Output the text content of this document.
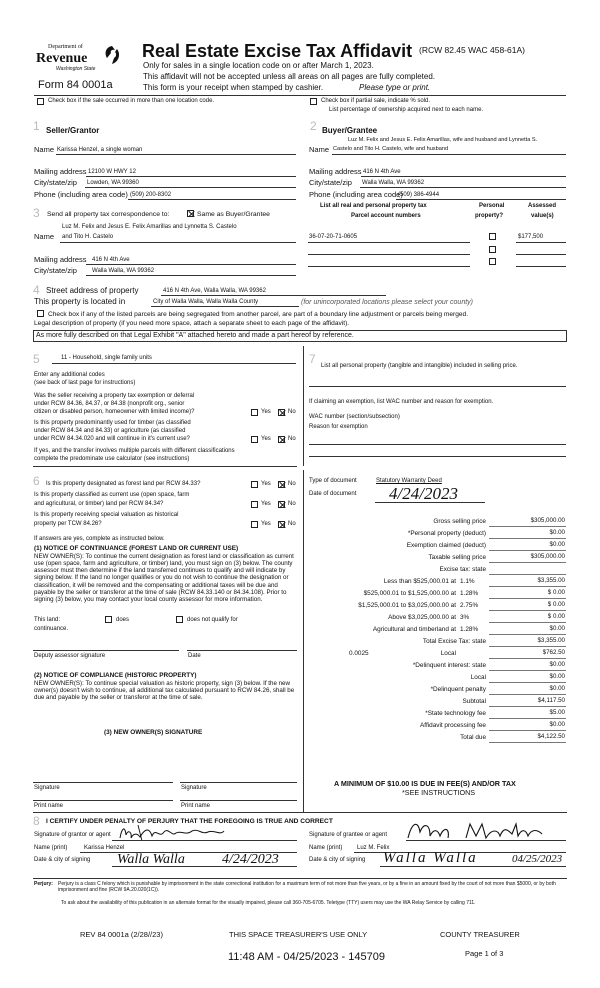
Department of
Revenue
Washington State
Form 84 0001a
Real Estate Excise Tax Affidavit (RCW 82.45 WAC 458-61A)
Only for sales in a single location code on or after March 1, 2023.
This affidavit will not be accepted unless all areas on all pages are fully completed.
This form is your receipt when stamped by cashier.	Please type or print.
Check box if the sale occurred in more than one location code.	Check box if partial sale, indicate % sold.
List percentage of ownership acquired next to each name.
1 Seller/Grantor
Name Karissa Henzel, a single woman
Mailing address 12100 W HWY 12
City/state/zip Lowden, WA 99360
Phone (including area code) (509) 200-8302
2 Buyer/Grantee
Luz M. Felix and Jesus E. Felix Amarillas, wife and husband and Lynnetta S.
Name Castelo and Tito H. Castelo, wife and husband
Mailing address 416 N 4th Ave
City/state/zip Walla Walla, WA 99362
Phone (including area code)
(509) 386-4944
List all real and personal property tax
Parcel account numbers
Personal
property?
Assessed
value(s)
36-07-20-71-0605	$177,500
3 Send all property tax correspondence to:	Same as Buyer/Grantee
Luz M. Felix and Jesus E. Felix Amarillas and Lynnetta S. Castelo
Name and Tito H. Castelo
Mailing address 416 N 4th Ave
City/state/zip	Walla Walla, WA 99362
4 Street address of property	416 N 4th Ave, Walla Walla, WA 99362
This property is located in	City of Walla Walla, Walla Walla County	(for unincorporated locations please select your county)
Check box if any of the listed parcels are being segregated from another parcel, are part of a boundary line adjustment or parcels being merged.
Legal description of property (if you need more space, attach a separate sheet to each page of the affidavit).
As more fully described on that Legal Exhibit "A" attached hereto and made a part hereof by reference.
5	11 - Household, single family units
Enter any additional codes
(see back of last page for instructions)
Was the seller receiving a property tax exemption or deferral
under RCW 84.36, 84.37, or 84.38 (nonprofit org., senior
citizen or disabled person, homeowner with limited income)?	Yes	No
Is this property predominantly used for timber (as classified
under RCW 84.34 and 84.33) or agriculture (as classified
under RCW 84.34.020 and will continue in it's current use?	Yes	No
If yes, and the transfer involves multiple parcels with different classifications
complete the predominate use calculator (see instructions)
7 List all personal property (tangible and intangible) included in selling price.
If claiming an exemption, list WAC number and reason for exemption.
WAC number (section/subsection)
Reason for exemption
6 Is this property designated as forest land per RCW 84.33?	Yes	No
Is this property classified as current use (open space, farm
and agricultural, or timber) land per RCW 84.34?	Yes	No
Is this property receiving special valuation as historical
property per TCW 84.26?	Yes	No
If answers are yes, complete as instructed below.
(1) NOTICE OF CONTINUANCE (FOREST LAND OR CURRENT USE)
NEW OWNER(S): To continue the current designation as forest land or classification as current use (open space, farm and agriculture, or timber) land, you must sign on (3) below. The county assessor must then determine if the land transferred continues to qualify and will indicate by signing below. If the land no longer qualifies or you do not wish to continue the designation or classification, it will be removed and the compensating or additional taxes will be due and payable by the seller or transferor at the time of sale (RCW 84.33.140 or 84.34.108). Prior to signing (3) below, you may contact your local county assessor for more information.
This land:	does	does not qualify for
continuance.
Deputy assessor signature	Date
(2) NOTICE OF COMPLIANCE (HISTORIC PROPERTY)
NEW OWNER(S): To continue special valuation as historic property, sign (3) below. If the new owner(s) doesn't wish to continue, all additional tax calculated pursuant to RCW 84.26, shall be due and payable by the seller or transferor at the time of sale.
(3) NEW OWNER(S) SIGNATURE
Signature	Signature
Print name	Print name
Type of document	Statutory Warranty Deed
Date of document 4/24/2023
Gross selling price	$305,000.00
*Personal property (deduct)	$0.00
Exemption claimed (deduct)	$0.00
Taxable selling price	$305,000.00
Excise tax: state
Less than $525,000.01 at 1.1%	$3,355.00
$525,000.01 to $1,525,000.00 at 1.28%	$ 0.00
$1,525,000.01 to $3,025,000.00 at 2.75%	$ 0.00
Above $3,025,000.00 at 3%	$ 0.00
Agricultural and timberland at 1.28%	$0.00
Total Excise Tax: state	$3,355.00
Local
0.0025	$762.50
*Delinquent interest: state	$0.00
Local	$0.00
*Delinquent penalty	$0.00
Subtotal	$4,117.50
*State technology fee	$5.00
Affidavit processing fee	$0.00
Total due	$4,122.50
A MINIMUM OF $10.00 IS DUE IN FEE(S) AND/OR TAX
*SEE INSTRUCTIONS
8 I CERTIFY UNDER PENALTY OF PERJURY THAT THE FOREGOING IS TRUE AND CORRECT
Signature of grantor or agent
Name (print)	Karissa Henzel
Date & city of signing Walla Walla	4/24/2023
Signature of grantee or agent
Name (print) Luz M. Felix
Date & city of signing Walla Walla	04/25/2023
Perjury: Perjury is a class C felony which is punishable by imprisonment in the state correctional institution for a maximum term of not more than five years, or by a fine in an amount fixed by the court of not more than $5000, or by both imprisonment and fine (RCW 9A.20.020(1C)).
To ask about the availability of this publication in an alternate format for the visually impaired, please call 360-705-6705. Teletype (TTY) users may use the WA Relay Service by calling 711.
REV 84 0001a (2/28//23)	THIS SPACE TREASURER'S USE ONLY	COUNTY TREASURER
11:48 AM - 04/25/2023 - 145709	Page 1 of 3
